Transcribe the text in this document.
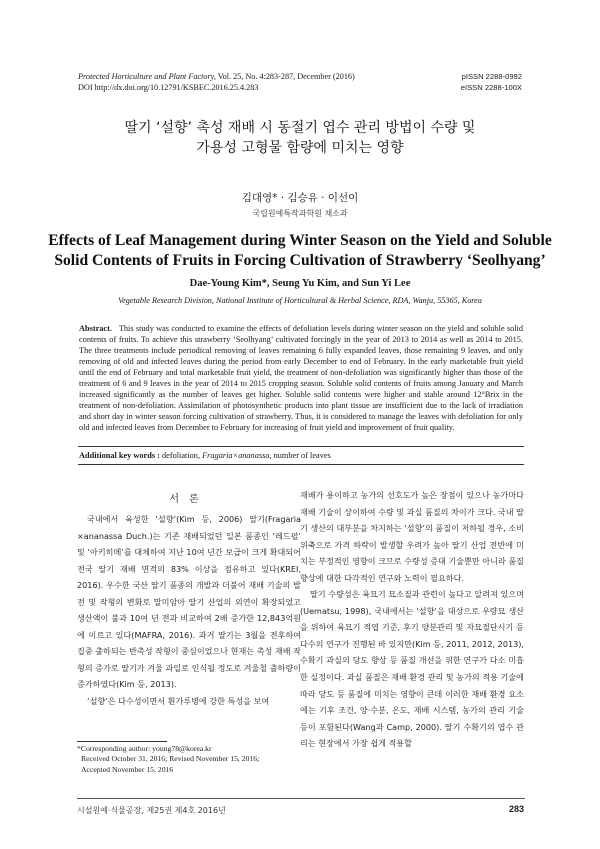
Protected Horticulture and Plant Factory, Vol. 25, No. 4:283-287, December (2016)	pISSN 2288-0992
DOI http://dx.doi.org/10.12791/KSBEC.2016.25.4.283	eISSN 2288-100X
딸기 ‘설향’ 촉성 재배 시 동절기 엽수 관리 방법이 수량 및
가용성 고형물 함량에 미치는 영향
김대영* · 김승유 · 이선이
국립원예특작과학원 채소과
Effects of Leaf Management during Winter Season on the Yield and Soluble
Solid Contents of Fruits in Forcing Cultivation of Strawberry ‘Seolhyang’
Dae-Young Kim*, Seung Yu Kim, and Sun Yi Lee
Vegetable Research Division, National Institute of Horticultural & Herbal Science, RDA, Wanju, 55365, Korea
Abstract. This study was conducted to examine the effects of defoliation levels during winter season on the yield and soluble solid contents of fruits. To achieve this strawberry ‘Seolhyang’ cultivated forcingly in the year of 2013 to 2014 as well as 2014 to 2015. The three treatments include periodical removing of leaves remaining 6 fully expanded leaves, those remaining 9 leaves, and only removing of old and infected leaves during the period from early December to end of February. In the early marketable fruit yield until the end of February and total marketable fruit yield, the treatment of non-defoliation was significantly higher than those of the treatment of 6 and 9 leaves in the year of 2014 to 2015 cropping season. Soluble solid contents of fruits among January and March increased significantly as the number of leaves get higher. Soluble solid contents were higher and stable around 12°Brix in the treatment of non-defoliation. Assimilation of photosynthetic products into plant tissue are insufficient due to the lack of irradiation and short day in winter season forcing cultivation of strawberry. Thus, it is considered to manage the leaves with defoliation for only old and infected leaves from December to February for increasing of fruit yield and improvement of fruit quality.
Additional key words : defoliation, Fragaria×ananassa, number of leaves
서론

국내에서 육성한 ‘설향’(Kim 등, 2006) 딸기(Fragaria ×ananassa Duch.)는 기존 재배되었던 일본 품종인 ‘레드펄’ 및 ‘아키히메’를 대체하여 지난 10여 년간 보급이 크게 확대되어 전국 딸기 재배 면적의 83% 이상을 점유하고 있다(KREI, 2016). 우수한 국산 딸기 품종의 개발과 더불어 재배 기술의 발전 및 작형의 변화로 말미암아 딸기 산업의 외연이 확장되었고 생산액이 불과 10여 년 전과 비교하여 2배 증가한 12,843억원에 이르고 있다(MAFRA, 2016). 과거 딸기는 3월을 전후하여 집중 출하되는 반촉성 작형이 중심이었으나 현재는 촉성 재배 작형의 증가로 딸기가 겨울 과일로 인식될 정도로 겨울철 출하량이 증가하였다(Kim 등, 2013).

‘설향’은 다수성이면서 흰가루병에 강한 특성을 보여

재배가 용이하고 농가의 선호도가 높은 장점이 있으나 농가마다 재배 기술이 상이하여 수량 및 과실 품질의 차이가 크다. 국내 딸기 생산의 대부분을 차지하는 ‘설향’의 품질이 저하될 경우, 소비 위축으로 가격 하락이 발생할 우려가 높아 딸기 산업 전반에 미치는 부정적인 영향이 크므로 수량성 증대 기술뿐만 아니라 품질 향상에 대한 다각적인 연구와 노력이 필요하다.

딸기 수량성은 육묘기 묘소질과 관련이 높다고 알려져 있으며(Uematsu, 1998), 국내에서는 ‘설향’을 대상으로 우량묘 생산을 위하여 육묘기 적엽 기준, 후기 양분관리 및 자묘절단시기 등 다수의 연구가 진행된 바 있지만(Kim 등, 2011, 2012, 2013), 수확기 과실의 당도 향상 등 품질 개선을 위한 연구가 다소 미흡한 실정이다. 과실 품질은 재배 환경 관리 및 농가의 적용 기술에 따라 당도 등 품질에 미치는 영향이 큰데 이러한 재배 환경 요소에는 기후 조건, 양·수분, 온도, 재배 시스템, 농가의 관리 기술 등이 포함된다(Wang과 Camp, 2000). 딸기 수확기의 엽수 관리는 현장에서 가장 쉽게 적용할

*Corresponding author: young78@korea.kr
Received October 31, 2016; Revised November 15, 2016;
Accepted November 15, 2016
시설원예·식물공장, 제25권 제4호 2016년	283
